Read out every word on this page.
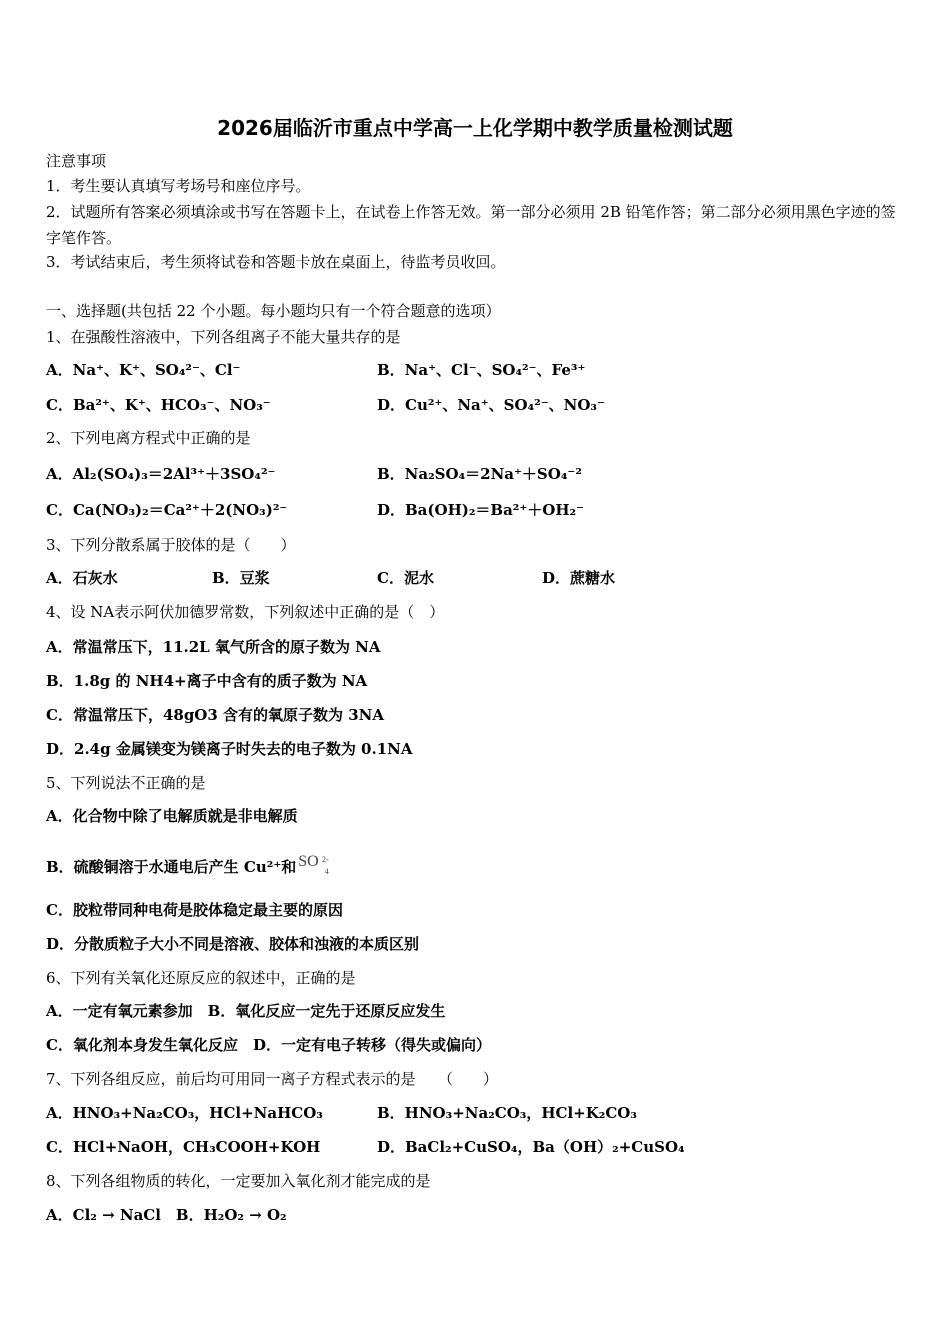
2026届临沂市重点中学高一上化学期中教学质量检测试题
注意事项
1．考生要认真填写考场号和座位序号。
2．试题所有答案必须填涂或书写在答题卡上，在试卷上作答无效。第一部分必须用 2B 铅笔作答；第二部分必须用黑色字迹的签字笔作答。
3．考试结束后，考生须将试卷和答题卡放在桌面上，待监考员收回。
一、选择题(共包括 22 个小题。每小题均只有一个符合题意的选项）
1、在强酸性溶液中，下列各组离子不能大量共存的是
A．Na⁺、K⁺、SO₄²⁻、Cl⁻	B．Na⁺、Cl⁻、SO₄²⁻、Fe³⁺
C．Ba²⁺、K⁺、HCO₃⁻、NO₃⁻	D．Cu²⁺、Na⁺、SO₄²⁻、NO₃⁻
2、下列电离方程式中正确的是
A．Al₂(SO₄)₃＝2Al³⁺＋3SO₄²⁻	B．Na₂SO₄＝2Na⁺＋SO₄⁻²
C．Ca(NO₃)₂＝Ca²⁺＋2(NO₃)²⁻	D．Ba(OH)₂＝Ba²⁺＋OH₂⁻
3、下列分散系属于胶体的是（　　）
A．石灰水	B．豆浆	C．泥水	D．蔗糖水
4、设 NA表示阿伏加德罗常数，下列叙述中正确的是（　）
A．常温常压下，11.2L 氧气所含的原子数为 NA
B．1.8g 的 NH4+离子中含有的质子数为 NA
C．常温常压下，48gO3 含有的氧原子数为 3NA
D．2.4g 金属镁变为镁离子时失去的电子数为 0.1NA
5、下列说法不正确的是
A．化合物中除了电解质就是非电解质
B．硫酸铜溶于水通电后产生 Cu²⁺和 SO 2-
4
C．胶粒带同种电荷是胶体稳定最主要的原因
D．分散质粒子大小不同是溶液、胶体和浊液的本质区别
6、下列有关氧化还原反应的叙述中，正确的是
A．一定有氧元素参加　B．氧化反应一定先于还原反应发生
C．氧化剂本身发生氧化反应　D．一定有电子转移（得失或偏向）
7、下列各组反应，前后均可用同一离子方程式表示的是　　（　　）
A．HNO₃+Na₂CO₃，HCl+NaHCO₃	B．HNO₃+Na₂CO₃，HCl+K₂CO₃
C．HCl+NaOH，CH₃COOH+KOH	D．BaCl₂+CuSO₄，Ba（OH）₂+CuSO₄
8、下列各组物质的转化，一定要加入氧化剂才能完成的是
A．Cl₂ → NaCl　B．H₂O₂ → O₂
